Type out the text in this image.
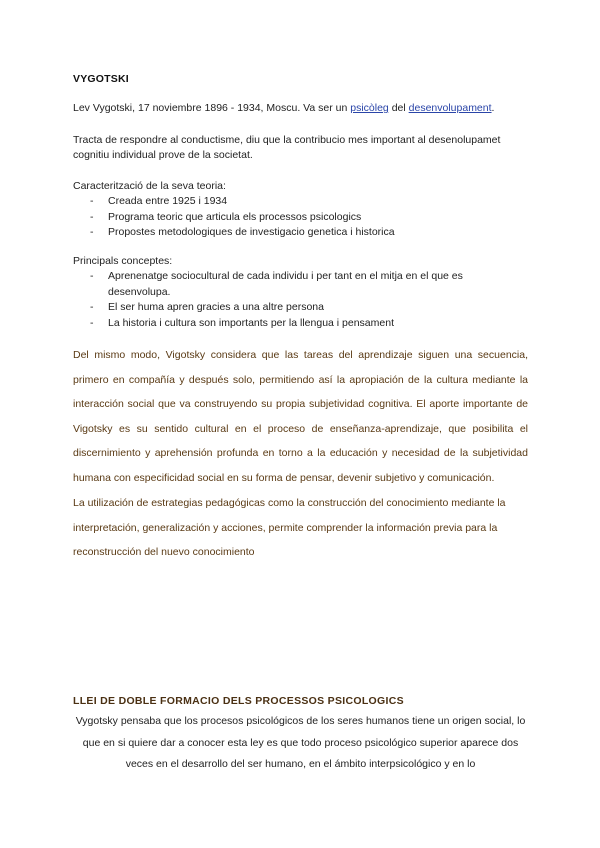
VYGOTSKI
Lev Vygotski, 17 noviembre 1896 - 1934, Moscu. Va ser un psicòleg del desenvolupament.
Tracta de respondre al conductisme, diu que la contribucio mes important al desenolupamet
cognitiu individual prove de la societat.
Caracterització de la seva teoria:
- Creada entre 1925 i 1934
- Programa teoric que articula els processos psicologics
- Propostes metodologiques de investigacio genetica i historica
Principals conceptes:
- Aprenenatge sociocultural de cada individu i per tant en el mitja en el que es
desenvolupa.
- El ser huma apren gracies a una altre persona
- La historia i cultura son importants per la llengua i pensament

Del mismo modo, Vigotsky considera que las tareas del aprendizaje siguen una secuencia, primero en compañía y después solo, permitiendo así la apropiación de la cultura mediante la interacción social que va construyendo su propia subjetividad cognitiva. El aporte importante de Vigotsky es su sentido cultural en el proceso de enseñanza-aprendizaje, que posibilita el discernimiento y aprehensión profunda en torno a la educación y necesidad de la subjetividad humana con especificidad social en su forma de pensar, devenir subjetivo y comunicación.

La utilización de estrategias pedagógicas como la construcción del conocimiento mediante la interpretación, generalización y acciones, permite comprender la información previa para la reconstrucción del nuevo conocimiento

LLEI DE DOBLE FORMACIO DELS PROCESSOS PSICOLOGICS

Vygotsky pensaba que los procesos psicológicos de los seres humanos tiene un origen social, lo que en si quiere dar a conocer esta ley es que todo proceso psicológico superior aparece dos veces en el desarrollo del ser humano, en el ámbito interpsicológico y en lo
